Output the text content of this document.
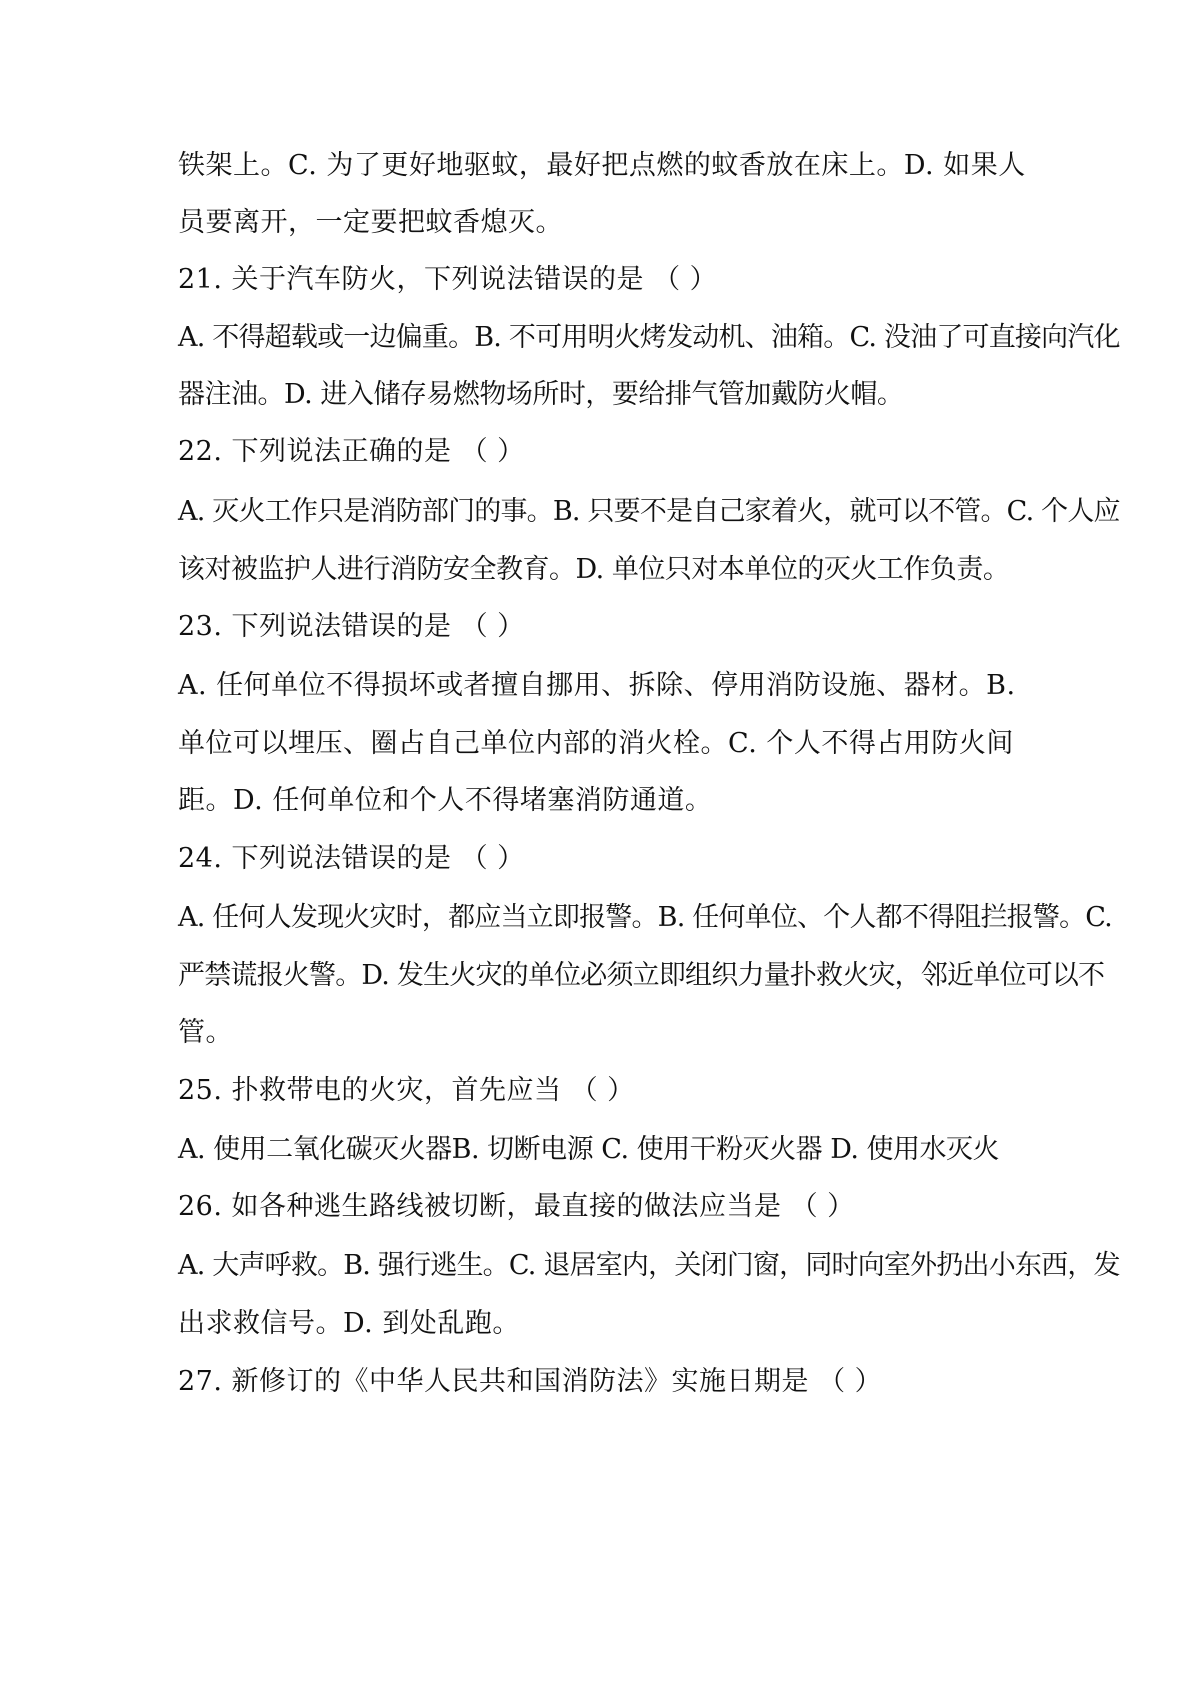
铁架上。C. 为了更好地驱蚊，最好把点燃的蚊香放在床上。D. 如果人
员要离开，一定要把蚊香熄灭。
21. 关于汽车防火，下列说法错误的是 （ ）
A. 不得超载或一边偏重。B. 不可用明火烤发动机、油箱。C. 没油了可直接向汽化
器注油。D. 进入储存易燃物场所时，要给排气管加戴防火帽。
22. 下列说法正确的是 （ ）
A. 灭火工作只是消防部门的事。B. 只要不是自己家着火，就可以不管。C. 个人应
该对被监护人进行消防安全教育。D. 单位只对本单位的灭火工作负责。
23. 下列说法错误的是 （ ）
A. 任何单位不得损坏或者擅自挪用、拆除、停用消防设施、器材。B.
单位可以埋压、圈占自己单位内部的消火栓。C. 个人不得占用防火间
距。D. 任何单位和个人不得堵塞消防通道。
24. 下列说法错误的是 （ ）
A. 任何人发现火灾时，都应当立即报警。B. 任何单位、个人都不得阻拦报警。C.
严禁谎报火警。D. 发生火灾的单位必须立即组织力量扑救火灾，邻近单位可以不
管。
25. 扑救带电的火灾，首先应当 （ ）
A. 使用二氧化碳灭火器B. 切断电源 C. 使用干粉灭火器 D. 使用水灭火
26. 如各种逃生路线被切断，最直接的做法应当是 （ ）
A. 大声呼救。B. 强行逃生。C. 退居室内，关闭门窗，同时向室外扔出小东西，发
出求救信号。D. 到处乱跑。
27. 新修订的《中华人民共和国消防法》实施日期是 （ ）
